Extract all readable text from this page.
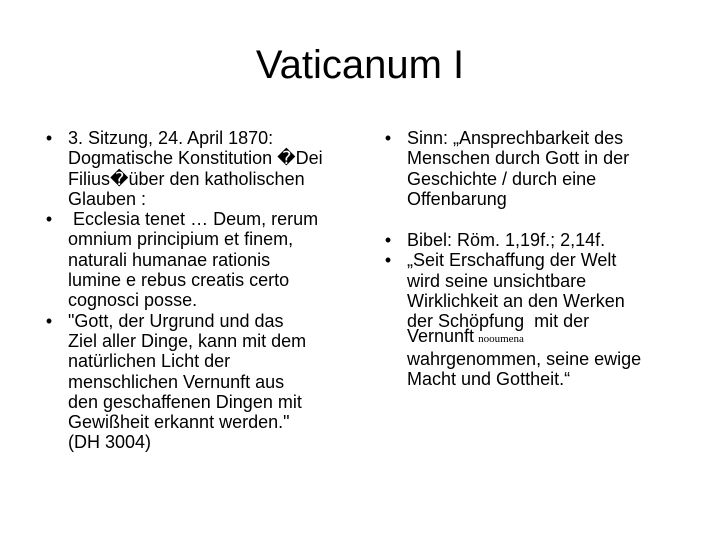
Vaticanum I
• 3. Sitzung, 24. April 1870:
Dogmatische Konstitution �Dei
Filius�über den katholischen
Glauben :
• Ecclesia tenet … Deum, rerum
omnium principium et finem,
naturali humanae rationis
lumine e rebus creatis certo
cognosci posse.
• "Gott, der Urgrund und das
Ziel aller Dinge, kann mit dem
natürlichen Licht der
menschlichen Vernunft aus
den geschaffenen Dingen mit
Gewißheit erkannt werden."
(DH 3004)
• Sinn: „Ansprechbarkeit des
Menschen durch Gott in der
Geschichte / durch eine
Offenbarung
• Bibel: Röm. 1,19f.; 2,14f.
• „Seit Erschaffung der Welt
wird seine unsichtbare
Wirklichkeit an den Werken
der Schöpfung  mit der
Vernunft nooumena
wahrgenommen, seine ewige
Macht und Gottheit.“
